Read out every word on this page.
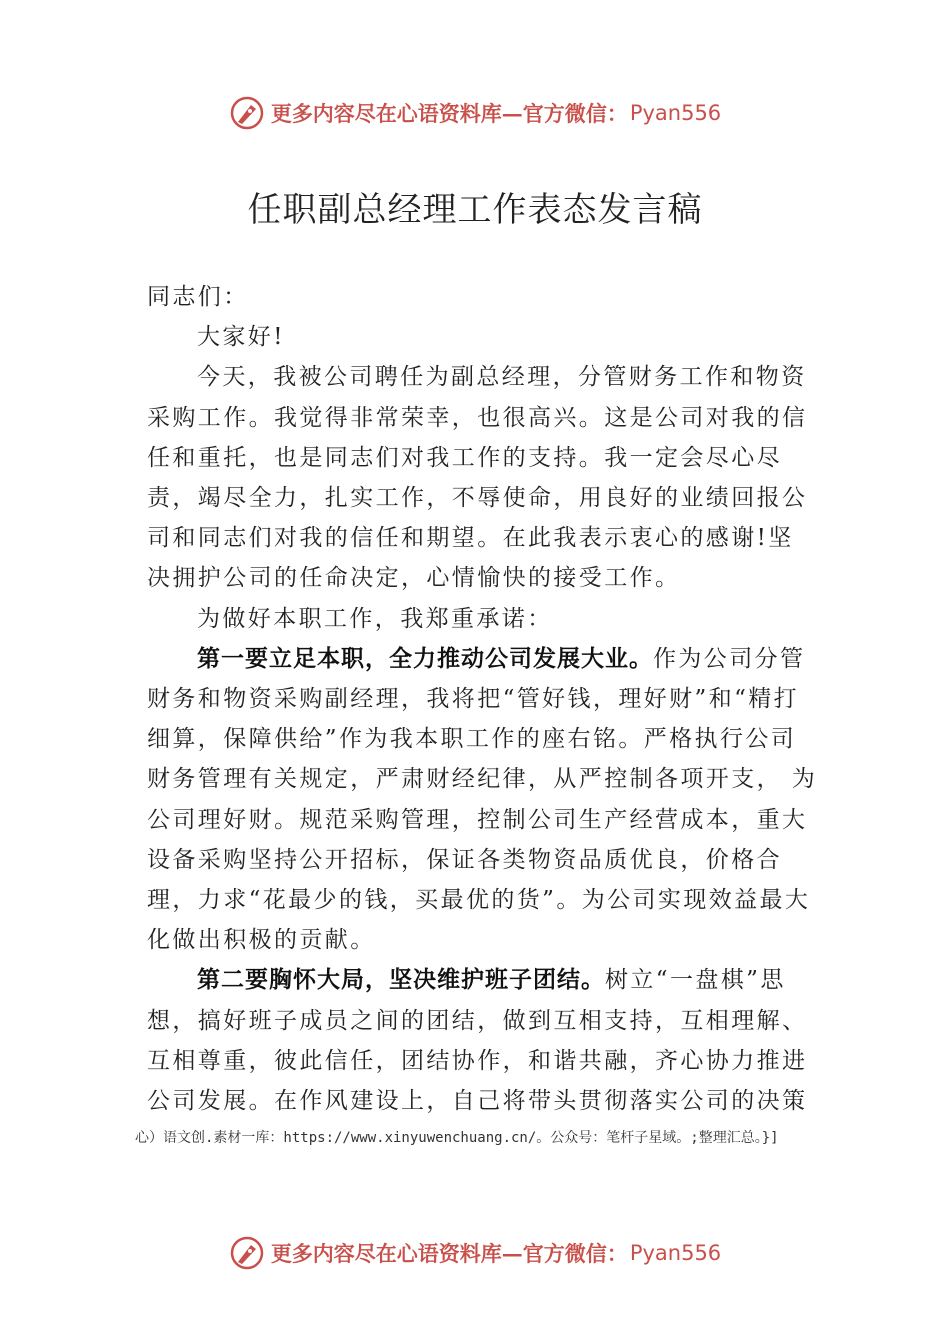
更多内容尽在心语资料库—官方微信： Pyan556
任职副总经理工作表态发言稿

同志们：

大家好!

今天，我被公司聘任为副总经理，分管财务工作和物资采购工作。我觉得非常荣幸，也很高兴。这是公司对我的信任和重托，也是同志们对我工作的支持。我一定会尽心尽责，竭尽全力，扎实工作，不辱使命，用良好的业绩回报公司和同志们对我的信任和期望。在此我表示衷心的感谢!坚决拥护公司的任命决定，心情愉快的接受工作。

为做好本职工作，我郑重承诺：

第一要立足本职，全力推动公司发展大业。作为公司分管财务和物资采购副经理，我将把“管好钱，理好财”和“精打细算，保障供给”作为我本职工作的座右铭。严格执行公司财务管理有关规定，严肃财经纪律，从严控制各项开支， 为公司理好财。规范采购管理，控制公司生产经营成本，重大设备采购坚持公开招标，保证各类物资品质优良，价格合理，力求“花最少的钱，买最优的货”。为公司实现效益最大化做出积极的贡献。

第二要胸怀大局，坚决维护班子团结。树立“一盘棋”思想，搞好班子成员之间的团结，做到互相支持，互相理解、互相尊重，彼此信任，团结协作，和谐共融，齐心协力推进公司发展。在作风建设上，自己将带头贯彻落实公司的决策

心）语文创.素材一库：https://www.xinyuwenchuang.cn/。公众号：笔杆子星域。;整理汇总。}]
更多内容尽在心语资料库—官方微信： Pyan556
